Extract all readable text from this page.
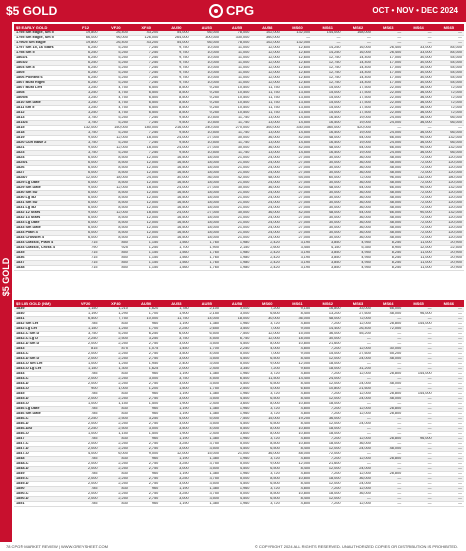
$5 GOLD	CPG	OCT • NOV • DEC 2024
$5 GOLD
$5 EARLY GOLD	F12	VF20	XF40	AU50	AU53	AU55	AU58	MS60	MS61	MS62	MS63	MS64	MS65
1795 Sm Eagle, Sm 5	19,800	26,400	43,200	54,000	66,000	78,000	102,000	132,000	144,000	168,000	—	—	—
1795 Sm Eagle, Sm 5	66,000	96,000	126,000	264,000	300,000	330,000	360,000	—	—	—	—	—	—
1796/5 Sm Eagle	19,800	26,400	43,200	54,000	66,000	78,000	102,000	132,000	—	—	—	—	—
1797 Sm 15, 16 Stars	6,250	5,250	7,250	9,750	10,000	11,000	12,000	12,600	14,250	16,000	26,400	33,000	84,000
1798 Sm 5	6,250	5,250	7,250	9,750	10,000	11,000	12,000	12,600	14,250	16,000	26,400	33,000	84,000
1802/1	6,250	5,250	7,250	9,750	10,000	11,000	12,000	12,600	12,750	14,400	17,000	30,000	54,000
1803/2	6,250	5,250	7,250	9,750	10,000	11,000	12,000	12,600	12,750	14,400	17,000	30,000	54,000
1804 Sm 8	6,250	5,250	7,250	9,750	10,000	11,000	12,000	12,600	12,750	14,400	17,000	30,000	54,000
1805	6,250	5,250	7,250	9,750	10,000	11,000	12,000	12,600	12,750	14,400	17,000	30,000	54,000
1806 Pointed 6	6,250	5,250	7,250	9,750	10,000	11,000	12,000	12,600	12,750	14,400	17,000	30,000	54,000
1807 Bust Right	6,250	5,250	7,250	9,750	10,000	11,000	12,000	12,600	12,750	14,400	17,000	30,000	54,000
1807 Bust Left	3,250	4,750	6,500	8,500	9,250	10,500	11,750	13,500	15,000	17,500	22,000	36,000	72,000
1808	3,250	4,750	6,500	8,500	9,250	10,500	11,750	13,500	15,000	17,500	22,000	36,000	72,000
1809/8	3,250	4,750	6,500	8,500	9,250	10,500	11,750	13,500	15,000	17,500	22,000	36,000	72,000
1810 Sm Date	3,250	4,750	6,500	8,500	9,250	10,500	11,750	13,500	15,000	17,500	22,000	36,000	72,000
1811 Sm 5	3,250	4,750	6,500	8,500	9,250	10,500	11,750	13,500	15,000	17,500	22,000	36,000	72,000
1812	3,250	4,750	6,500	8,500	9,250	10,500	11,750	13,500	15,000	17,500	22,000	36,000	72,000
1813	3,750	5,250	7,250	9,500	10,500	11,750	13,000	14,500	16,500	19,000	24,000	36,000	66,000
1814/3	3,750	5,250	7,250	9,500	10,500	11,750	13,000	14,500	16,500	19,000	24,000	36,000	66,000
1815	132,000	150,000	180,000	216,000	240,000	270,000	300,000	330,000	360,000	420,000	—	—	—
1818	3,750	5,250	7,250	9,500	10,500	11,750	13,000	14,500	16,500	19,000	24,000	36,000	66,000
1819	9,000	12,000	18,000	24,000	27,000	30,000	36,000	42,000	48,000	54,000	66,000	90,000	132,000
1820 Curl Base 2	3,750	5,250	7,250	9,500	10,500	11,750	13,000	14,500	16,500	19,000	24,000	36,000	66,000
1821	9,000	12,000	18,000	24,000	27,000	30,000	36,000	42,000	48,000	54,000	66,000	90,000	132,000
1823	3,750	5,250	7,250	9,500	10,500	11,750	13,000	14,500	16,500	19,000	24,000	36,000	66,000
1824	6,000	8,500	12,000	16,500	18,000	21,000	24,000	27,000	30,000	36,000	48,000	72,000	120,000
1825/1	6,000	8,500	12,000	16,500	18,000	21,000	24,000	27,000	30,000	36,000	48,000	72,000	120,000
1826	6,000	8,500	12,000	16,500	18,000	21,000	24,000	27,000	30,000	36,000	48,000	72,000	120,000
1827	6,000	8,500	12,000	16,500	18,000	21,000	24,000	27,000	30,000	36,000	48,000	72,000	120,000
1828/7	12,000	18,000	24,000	30,000	36,000	42,000	48,000	54,000	60,000	72,000	96,000	132,000	180,000
1829 Lg Date	6,000	8,500	12,000	16,500	18,000	21,000	24,000	27,000	30,000	36,000	48,000	72,000	120,000
1829 Sm Date	9,000	12,000	18,000	24,000	27,000	30,000	36,000	42,000	48,000	54,000	66,000	90,000	132,000
1830 Sm 5D	6,000	8,500	12,000	16,500	18,000	21,000	24,000	27,000	30,000	36,000	48,000	72,000	120,000
1830 Lg 5D	6,000	8,500	12,000	16,500	18,000	21,000	24,000	27,000	30,000	36,000	48,000	72,000	120,000
1831 Sm 5D	6,000	8,500	12,000	16,500	18,000	21,000	24,000	27,000	30,000	36,000	48,000	72,000	120,000
1831 Lg 5D	6,000	8,500	12,000	16,500	18,000	21,000	24,000	27,000	30,000	36,000	48,000	72,000	120,000
1832 12 Stars	9,000	12,000	18,000	24,000	27,000	30,000	36,000	42,000	48,000	54,000	66,000	90,000	132,000
1832 13 Stars	6,000	8,500	12,000	16,500	18,000	21,000	24,000	27,000	30,000	36,000	48,000	72,000	120,000
1833 Lg Date	6,000	8,500	12,000	16,500	18,000	21,000	24,000	27,000	30,000	36,000	48,000	72,000	120,000
1833 Sm Date	6,000	8,500	12,000	16,500	18,000	21,000	24,000	27,000	30,000	36,000	48,000	72,000	120,000
1834 Plain 4	6,000	8,500	12,000	16,500	18,000	21,000	24,000	27,000	30,000	36,000	48,000	72,000	120,000
1834 Crosslet 4	6,000	8,500	12,000	16,500	18,000	21,000	24,000	27,000	30,000	36,000	48,000	72,000	120,000
1834 Classic, Plain 4	715	850	1,150	1,560	1,760	1,980	2,420	3,190	3,850	4,950	8,250	11,000	20,900
1834 Classic, Cross 4	790	925	1,250	1,700	1,900	2,150	2,600	3,450	4,150	5,350	8,900	12,000	22,500
1835	715	850	1,150	1,560	1,760	1,980	2,420	3,190	3,850	4,950	8,250	11,000	20,900
1836	715	850	1,150	1,560	1,760	1,980	2,420	3,190	3,850	4,950	8,250	11,000	20,900
1837	715	850	1,150	1,560	1,760	1,980	2,420	3,190	3,850	4,950	8,250	11,000	20,900
1838	715	850	1,150	1,560	1,760	1,980	2,420	3,190	3,850	4,950	8,250	11,000	20,900
$5 LIB GOLD (NM)	VF20	XF40	AU50	AU53	AU55	AU58	MS60	MS61	MS62	MS63	MS64	MS65	MS66
1839	1,150	1,210	1,620	1,780	2,100	3,000	7,200	9,150	16,800	33,000	66,000	—	—
1840	1,190	1,290	1,700	1,900	2,150	3,000	6,600	8,400	13,200	27,600	48,000	96,000	—
1841	6,500	7,750	10,000	11,750	14,000	18,000	30,000	36,000	48,000	72,000	—	—	—
1842 Sm Let	785	830	960	1,190	1,380	1,960	3,720	4,800	7,200	12,000	28,800	144,000	—
1842 Lg Let	1,150	1,250	1,700	2,250	2,650	3,500	7,000	9,000	14,400	26,400	72,000	—	—
1842-C Sm D	3,750	5,250	6,250	6,000	6,500	7,500	12,000	15,000	36,000	55,200	—	—	—
1842-C Lg D	2,250	2,500	3,250	3,750	4,500	6,750	12,000	18,000	30,000	—	—	—	—
1842-D Sm D	2,000	2,250	2,750	3,000	3,500	4,500	8,000	10,800	21,600	—	—	—	—
1843	815	875	1,075	1,450	1,700	2,250	4,000	4,800	7,200	12,000	30,000	—	—
1843-C	2,000	2,250	2,750	3,500	4,000	5,000	7,000	9,000	15,000	27,600	55,200	—	—
1843-D Sm D	2,000	2,250	2,750	3,000	3,500	4,500	6,500	8,400	12,000	24,000	48,000	—	—
1843-O Sm Let	1,000	1,250	1,950	2,400	3,000	5,000	9,000	12,000	18,000	—	—	—	—
1843-O Lg Let	1,150	1,300	1,625	2,000	2,400	3,350	7,200	9,600	18,000	31,200	—	—	—
1844	785	830	960	1,190	1,380	1,960	3,720	4,800	7,200	12,000	28,800	144,000	—
1844-C	2,000	2,250	3,000	3,750	4,500	6,500	11,500	14,400	24,000	—	—	—	—
1844-D	2,000	2,250	2,750	3,000	3,500	4,500	6,500	8,400	12,000	24,000	48,000	—	—
1844-O	900	1,000	1,200	1,500	1,750	2,500	5,000	6,600	10,800	21,600	—	—	—
1845	785	830	960	1,190	1,380	1,960	3,720	4,800	7,200	12,000	28,800	144,000	—
1845-D	2,000	2,250	2,750	3,000	3,500	4,500	6,500	8,400	12,000	24,000	48,000	—	—
1845-O	1,000	1,150	1,500	1,900	2,400	3,600	8,000	10,800	18,000	—	—	—	—
1846 Lg Date	785	830	960	1,190	1,380	1,960	3,720	4,800	7,200	12,000	28,800	—	—
1846 Sm Date	785	830	960	1,190	1,380	1,960	3,720	4,800	7,200	12,000	28,800	—	—
1846-C	2,250	2,500	3,250	4,000	5,000	7,500	15,000	19,200	36,000	—	—	—	—
1846-D	2,000	2,250	2,750	3,000	3,500	4,500	6,500	8,400	12,000	24,000	—	—	—
1846-D/D	2,250	2,500	3,000	3,500	4,000	5,500	8,000	10,800	18,000	—	—	—	—
1846-O	1,000	1,150	1,500	1,900	2,400	3,600	8,000	10,800	18,000	—	—	—	—
1847	785	830	960	1,190	1,380	1,960	3,720	4,800	7,200	12,000	28,800	96,000	—
1847-C	2,000	2,250	2,750	3,250	3,750	5,000	8,500	10,800	18,000	36,000	—	—	—
1847-D	2,000	2,250	2,750	3,000	3,500	4,500	6,500	8,400	12,000	24,000	48,000	—	—
1847-O	4,000	6,000	9,000	12,000	15,000	21,000	36,000	48,000	72,000	—	—	—	—
1848	785	830	960	1,190	1,380	1,960	3,720	4,800	7,200	12,000	28,800	—	—
1848-C	2,000	2,250	2,750	3,250	3,750	5,000	9,000	12,000	21,600	—	—	—	—
1848-D	2,000	2,250	2,750	3,000	3,500	4,500	6,500	8,400	12,000	24,000	—	—	—
1849	785	830	960	1,190	1,380	1,960	3,720	4,800	7,200	12,000	28,800	—	—
1849-C	2,000	2,250	2,750	3,250	3,750	5,000	8,500	10,800	18,000	36,000	—	—	—
1849-D	2,000	2,250	2,750	3,000	3,500	4,500	6,500	8,400	12,000	24,000	—	—	—
1850	785	830	960	1,190	1,380	1,960	3,720	4,800	7,200	12,000	—	—	—
1850-C	2,000	2,250	2,750	3,250	3,750	5,000	8,500	10,800	18,000	36,000	—	—	—
1850-D	2,000	2,250	2,750	3,000	3,500	4,500	6,500	8,400	12,000	—	—	—	—
1851	785	830	960	1,190	1,380	1,960	3,720	4,800	7,200	12,000	—	—	—
78 CPG® MARKET REVIEW | WWW.GREYSHEET.COM	© COPYRIGHT 2024 ALL RIGHTS RESERVED. UNAUTHORIZED COPIES OR DISTRIBUTION IS PROHIBITED.
